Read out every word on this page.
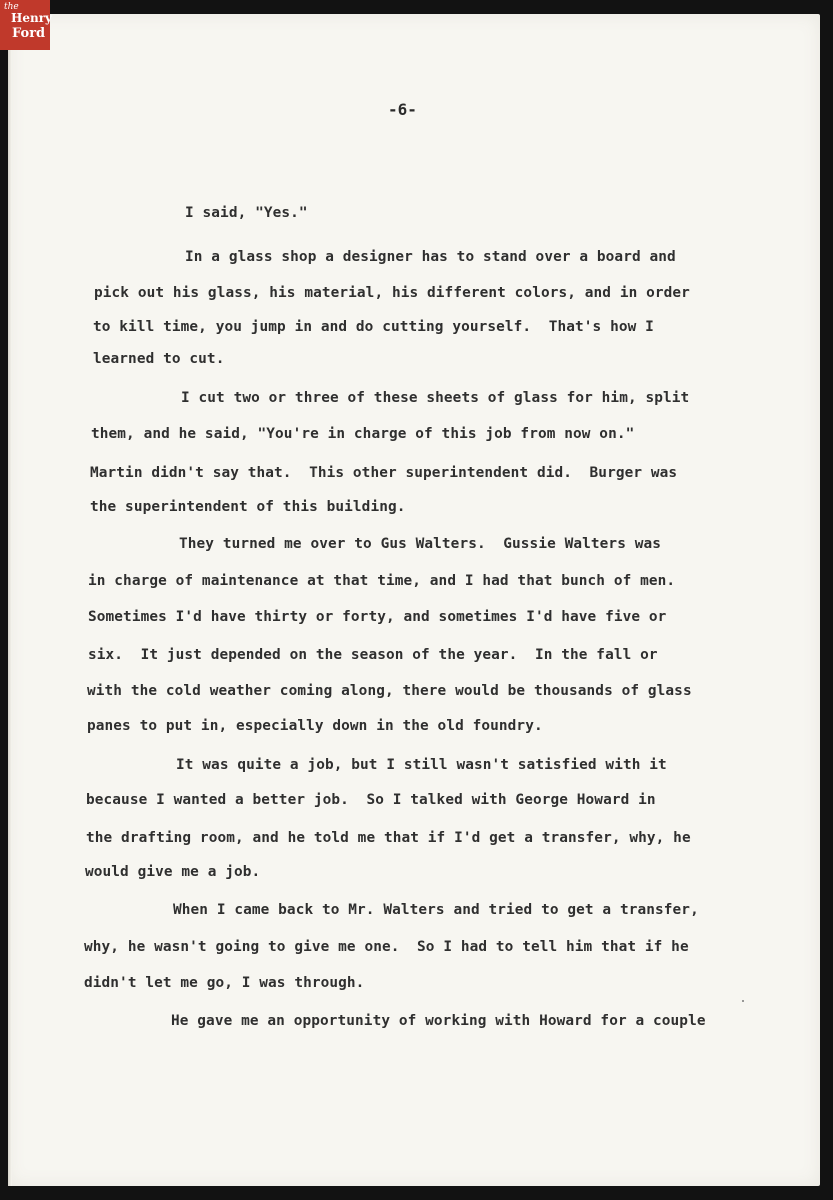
the
Henry
Ford
-6-
I said, "Yes."
In a glass shop a designer has to stand over a board and
pick out his glass, his material, his different colors, and in order
to kill time, you jump in and do cutting yourself.  That's how I
learned to cut.
I cut two or three of these sheets of glass for him, split
them, and he said, "You're in charge of this job from now on."
Martin didn't say that.  This other superintendent did.  Burger was
the superintendent of this building.
They turned me over to Gus Walters.  Gussie Walters was
in charge of maintenance at that time, and I had that bunch of men.
Sometimes I'd have thirty or forty, and sometimes I'd have five or
six.  It just depended on the season of the year.  In the fall or
with the cold weather coming along, there would be thousands of glass
panes to put in, especially down in the old foundry.
It was quite a job, but I still wasn't satisfied with it
because I wanted a better job.  So I talked with George Howard in
the drafting room, and he told me that if I'd get a transfer, why, he
would give me a job.
When I came back to Mr. Walters and tried to get a transfer,
why, he wasn't going to give me one.  So I had to tell him that if he
didn't let me go, I was through.
He gave me an opportunity of working with Howard for a couple
